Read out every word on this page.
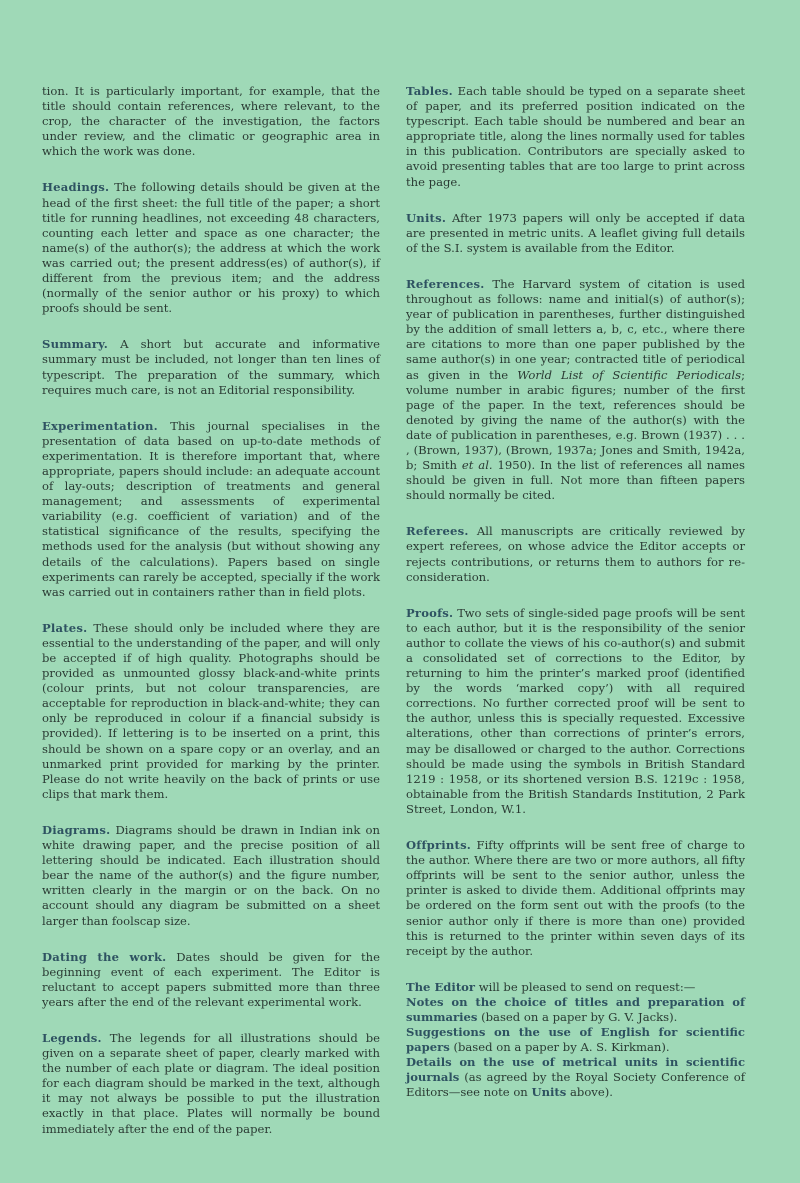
tion. It is particularly important, for example, that the title should contain references, where relevant, to the crop, the character of the investigation, the factors under review, and the climatic or geographic area in which the work was done.

Headings. The following details should be given at the head of the first sheet: the full title of the paper; a short title for running headlines, not exceeding 48 characters, counting each letter and space as one character; the name(s) of the author(s); the address at which the work was carried out; the present address(es) of author(s), if different from the previous item; and the address (normally of the senior author or his proxy) to which proofs should be sent.

Summary. A short but accurate and informative summary must be included, not longer than ten lines of typescript. The preparation of the summary, which requires much care, is not an Editorial responsibility.

Experimentation. This journal specialises in the presentation of data based on up-to-date methods of experimentation. It is therefore important that, where appropriate, papers should include: an adequate account of lay-outs; description of treatments and general management; and assessments of experimental variability (e.g. coefficient of variation) and of the statistical significance of the results, specifying the methods used for the analysis (but without showing any details of the calculations). Papers based on single experiments can rarely be accepted, specially if the work was carried out in containers rather than in field plots.

Plates. These should only be included where they are essential to the understanding of the paper, and will only be accepted if of high quality. Photographs should be provided as unmounted glossy black-and-white prints (colour prints, but not colour transparencies, are acceptable for reproduction in black-and-white; they can only be reproduced in colour if a financial subsidy is provided). If lettering is to be inserted on a print, this should be shown on a spare copy or an overlay, and an unmarked print provided for marking by the printer. Please do not write heavily on the back of prints or use clips that mark them.

Diagrams. Diagrams should be drawn in Indian ink on white drawing paper, and the precise position of all lettering should be indicated. Each illustration should bear the name of the author(s) and the figure number, written clearly in the margin or on the back. On no account should any diagram be submitted on a sheet larger than foolscap size.

Dating the work. Dates should be given for the beginning event of each experiment. The Editor is reluctant to accept papers submitted more than three years after the end of the relevant experimental work.

Legends. The legends for all illustrations should be given on a separate sheet of paper, clearly marked with the number of each plate or diagram. The ideal position for each diagram should be marked in the text, although it may not always be possible to put the illustration exactly in that place. Plates will normally be bound immediately after the end of the paper.

Tables. Each table should be typed on a separate sheet of paper, and its preferred position indicated on the typescript. Each table should be numbered and bear an appropriate title, along the lines normally used for tables in this publication. Contributors are specially asked to avoid presenting tables that are too large to print across the page.

Units. After 1973 papers will only be accepted if data are presented in metric units. A leaflet giving full details of the S.I. system is available from the Editor.

References. The Harvard system of citation is used throughout as follows: name and initial(s) of author(s); year of publication in parentheses, further distinguished by the addition of small letters a, b, c, etc., where there are citations to more than one paper published by the same author(s) in one year; contracted title of periodical as given in the World List of Scientific Periodicals; volume number in arabic figures; number of the first page of the paper. In the text, references should be denoted by giving the name of the author(s) with the date of publication in parentheses, e.g. Brown (1937) . . . , (Brown, 1937), (Brown, 1937a; Jones and Smith, 1942a, b; Smith et al. 1950). In the list of references all names should be given in full. Not more than fifteen papers should normally be cited.

Referees. All manuscripts are critically reviewed by expert referees, on whose advice the Editor accepts or rejects contributions, or returns them to authors for re-consideration.

Proofs. Two sets of single-sided page proofs will be sent to each author, but it is the responsibility of the senior author to collate the views of his co-author(s) and submit a consolidated set of corrections to the Editor, by returning to him the printer’s marked proof (identified by the words ‘marked copy’) with all required corrections. No further corrected proof will be sent to the author, unless this is specially requested. Excessive alterations, other than corrections of printer’s errors, may be disallowed or charged to the author. Corrections should be made using the symbols in British Standard 1219 : 1958, or its shortened version B.S. 1219c : 1958, obtainable from the British Standards Institution, 2 Park Street, London, W.1.

Offprints. Fifty offprints will be sent free of charge to the author. Where there are two or more authors, all fifty offprints will be sent to the senior author, unless the printer is asked to divide them. Additional offprints may be ordered on the form sent out with the proofs (to the senior author only if there is more than one) provided this is returned to the printer within seven days of its receipt by the author.

The Editor will be pleased to send on request:—

Notes on the choice of titles and preparation of summaries (based on a paper by G. V. Jacks).

Suggestions on the use of English for scientific papers (based on a paper by A. S. Kirkman).

Details on the use of metrical units in scientific journals (as agreed by the Royal Society Conference of Editors—see note on Units above).
